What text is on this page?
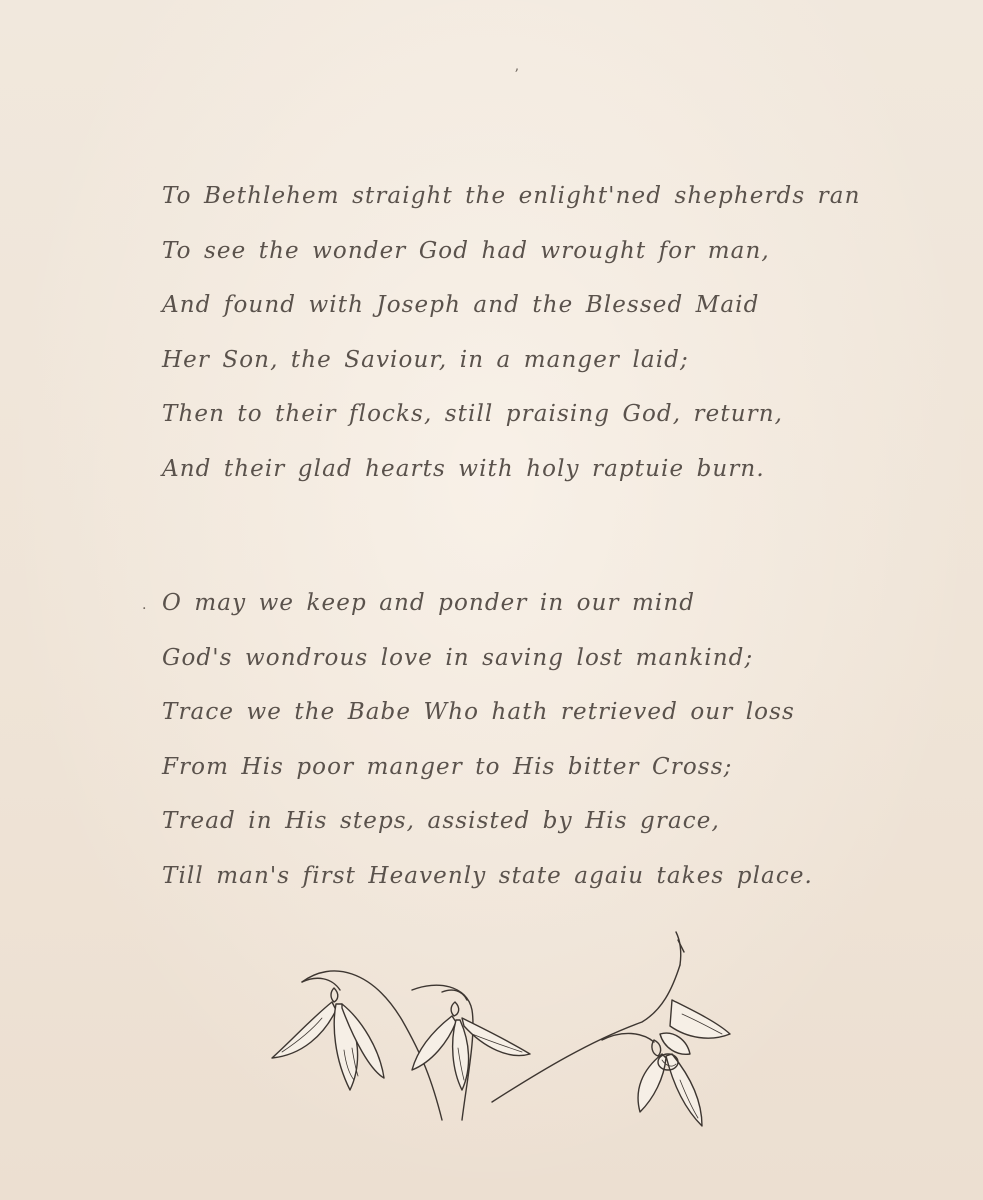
ʼ
.
To Bethlehem straight the enlight'ned shepherds ran
To see the wonder God had wrought for man,
And found with Joseph and the Blessed Maid
Her Son, the Saviour, in a manger laid;
Then to their flocks, still praising God, return,
And their glad hearts with holy raptuie burn.
O may we keep and ponder in our mind
God's wondrous love in saving lost mankind;
Trace we the Babe Who hath retrieved our loss
From His poor manger to His bitter Cross;
Tread in His steps, assisted by His grace,
Till man's first Heavenly state agaiu takes place.
